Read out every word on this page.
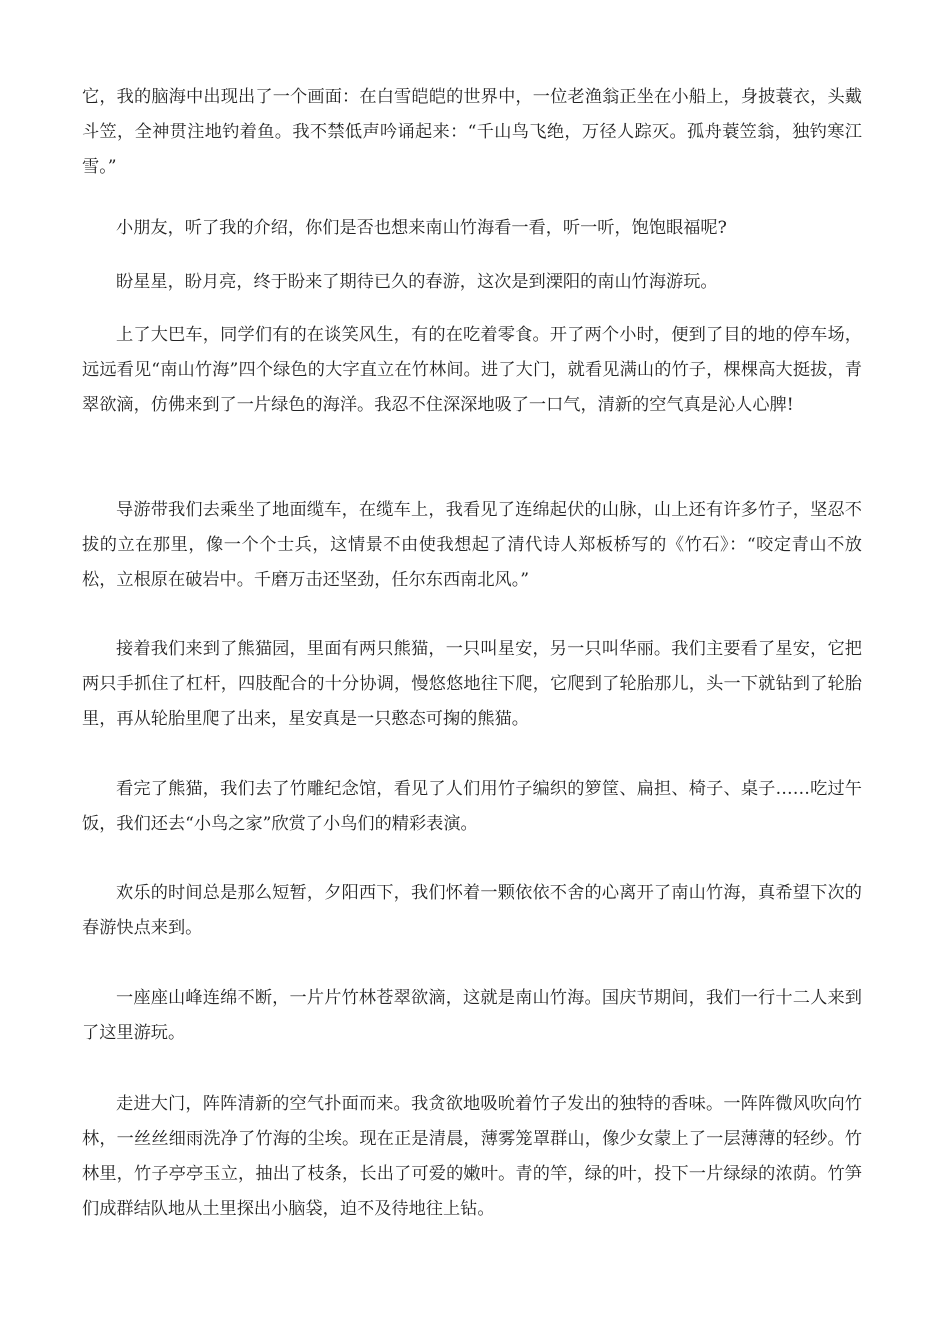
它，我的脑海中出现出了一个画面：在白雪皑皑的世界中，一位老渔翁正坐在小船上，身披蓑衣，头戴斗笠，全神贯注地钓着鱼。我不禁低声吟诵起来：“千山鸟飞绝，万径人踪灭。孤舟蓑笠翁，独钓寒江雪。”

小朋友，听了我的介绍，你们是否也想来南山竹海看一看，听一听，饱饱眼福呢?

盼星星，盼月亮，终于盼来了期待已久的春游，这次是到溧阳的南山竹海游玩。

上了大巴车，同学们有的在谈笑风生，有的在吃着零食。开了两个小时，便到了目的地的停车场，远远看见“南山竹海”四个绿色的大字直立在竹林间。进了大门，就看见满山的竹子，棵棵高大挺拔，青翠欲滴，仿佛来到了一片绿色的海洋。我忍不住深深地吸了一口气，清新的空气真是沁人心脾!

导游带我们去乘坐了地面缆车，在缆车上，我看见了连绵起伏的山脉，山上还有许多竹子，坚忍不拔的立在那里，像一个个士兵，这情景不由使我想起了清代诗人郑板桥写的《竹石》：“咬定青山不放松，立根原在破岩中。千磨万击还坚劲，任尔东西南北风。”

接着我们来到了熊猫园，里面有两只熊猫，一只叫星安，另一只叫华丽。我们主要看了星安，它把两只手抓住了杠杆，四肢配合的十分协调，慢悠悠地往下爬，它爬到了轮胎那儿，头一下就钻到了轮胎里，再从轮胎里爬了出来，星安真是一只憨态可掬的熊猫。

看完了熊猫，我们去了竹雕纪念馆，看见了人们用竹子编织的箩筐、扁担、椅子、桌子……吃过午饭，我们还去“小鸟之家”欣赏了小鸟们的精彩表演。

欢乐的时间总是那么短暂，夕阳西下，我们怀着一颗依依不舍的心离开了南山竹海，真希望下次的春游快点来到。

一座座山峰连绵不断，一片片竹林苍翠欲滴，这就是南山竹海。国庆节期间，我们一行十二人来到了这里游玩。

走进大门，阵阵清新的空气扑面而来。我贪欲地吸吮着竹子发出的独特的香味。一阵阵微风吹向竹林，一丝丝细雨洗净了竹海的尘埃。现在正是清晨，薄雾笼罩群山，像少女蒙上了一层薄薄的轻纱。竹林里，竹子亭亭玉立，抽出了枝条，长出了可爱的嫩叶。青的竿，绿的叶，投下一片绿绿的浓荫。竹笋们成群结队地从土里探出小脑袋，迫不及待地往上钻。
